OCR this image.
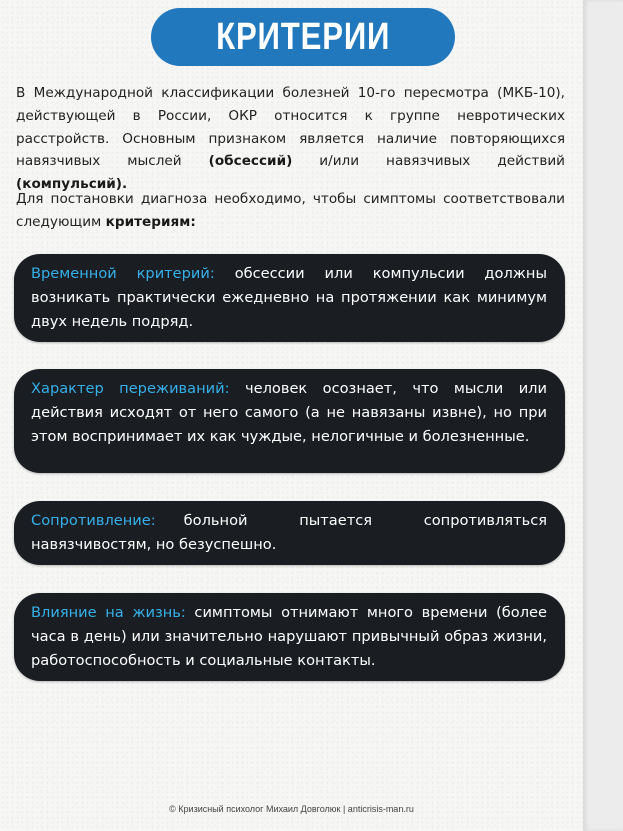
КРИТЕРИИ
В Международной классификации болезней 10-го пересмотра (МКБ-10), действующей в России, ОКР относится к группе невротических расстройств. Основным признаком является наличие повторяющихся навязчивых мыслей (обсессий) и/или навязчивых действий (компульсий).
Для постановки диагноза необходимо, чтобы симптомы соответствовали следующим критериям:
Временной критерий: обсессии или компульсии должны возникать практически ежедневно на протяжении как минимум двух недель подряд.
Характер переживаний: человек осознает, что мысли или действия исходят от него самого (а не навязаны извне), но при этом воспринимает их как чуждые, нелогичные и болезненные.
Сопротивление: больной пытается сопротивляться навязчивостям, но безуспешно.
Влияние на жизнь: симптомы отнимают много времени (более часа в день) или значительно нарушают привычный образ жизни, работоспособность и социальные контакты.
© Кризисный психолог Михаил Довголюк | anticrisis-man.ru
